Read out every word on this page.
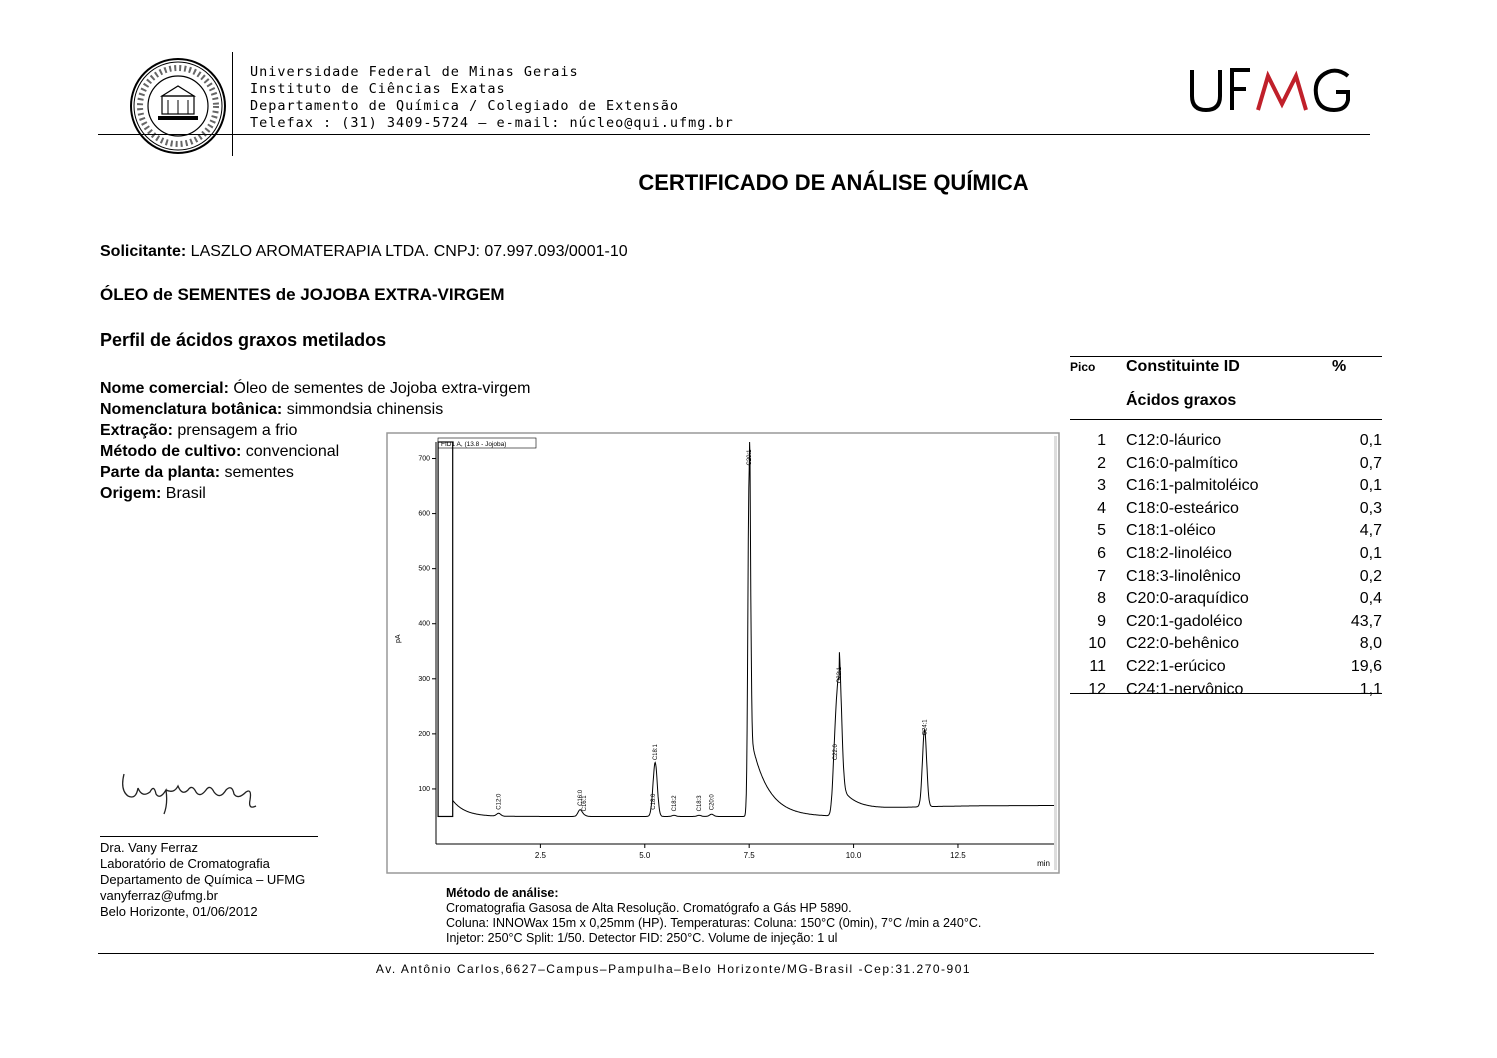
Universidade Federal de Minas Gerais
Instituto de Ciências Exatas
Departamento de Química / Colegiado de Extensão
Telefax : (31) 3409-5724 – e-mail: núcleo@qui.ufmg.br
CERTIFICADO DE ANÁLISE QUÍMICA
Solicitante: LASZLO AROMATERAPIA LTDA. CNPJ: 07.997.093/0001-10
ÓLEO de SEMENTES de JOJOBA EXTRA-VIRGEM
Perfil de ácidos graxos metilados
Nome comercial: Óleo de sementes de Jojoba extra-virgem
Nomenclatura botânica: simmondsia chinensis
Extração: prensagem a frio
Método de cultivo: convencional
Parte da planta: sementes
Origem: Brasil
100
200
300
400
500
600
700
2.5	5.0	7.5	10.0	12.5
pA
min
FID1 A, (13.8 - Jojoba)
C12:0	C16:0
C16:1	C18:0
C18:1
C18:2	C18:3 C20:0
C20:1
C22:0
C22:1
C24:1
Pico	Constituinte ID	%
	Ácidos graxos	
1	C12:0-láurico	0,1
2	C16:0-palmítico	0,7
3	C16:1-palmitoléico	0,1
4	C18:0-esteárico	0,3
5	C18:1-oléico	4,7
6	C18:2-linoléico	0,1
7	C18:3-linolênico	0,2
8	C20:0-araquídico	0,4
9	C20:1-gadoléico	43,7
10	C22:0-behênico	8,0
11	C22:1-erúcico	19,6
12	C24:1-nervônico	1,1
Dra. Vany Ferraz
Laboratório de Cromatografia
Departamento de Química – UFMG
vanyferraz@ufmg.br
Belo Horizonte, 01/06/2012
Método de análise:
Cromatografia Gasosa de Alta Resolução. Cromatógrafo a Gás HP 5890.
Coluna: INNOWax 15m x 0,25mm (HP). Temperaturas: Coluna: 150°C (0min), 7°C /min a 240°C.
Injetor: 250°C Split: 1/50. Detector FID: 250°C. Volume de injeção: 1 ul
Av. Antônio Carlos,6627–Campus–Pampulha–Belo Horizonte/MG-Brasil -Cep:31.270-901
